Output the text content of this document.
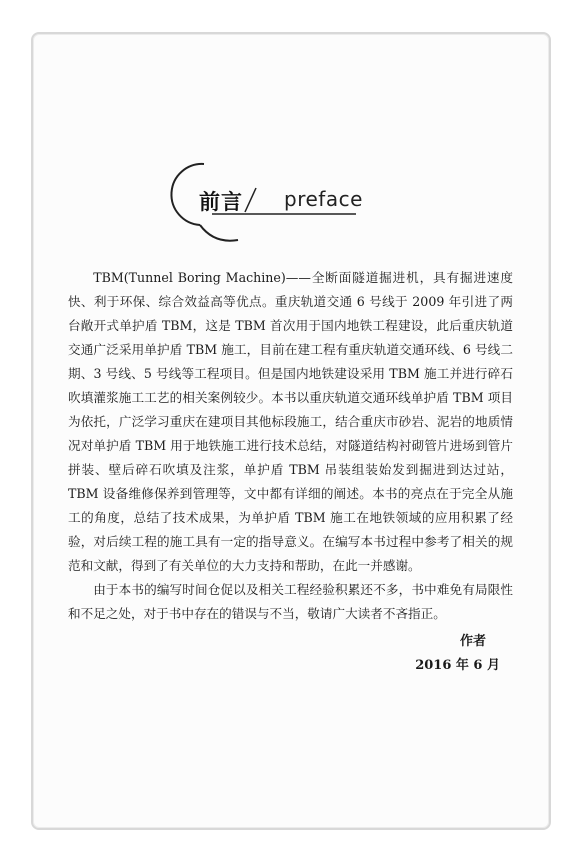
前言 preface

TBM(Tunnel Boring Machine)——全断面隧道掘进机，具有掘进速度快、利于环保、综合效益高等优点。重庆轨道交通 6 号线于 2009 年引进了两台敞开式单护盾 TBM，这是 TBM 首次用于国内地铁工程建设，此后重庆轨道交通广泛采用单护盾 TBM 施工，目前在建工程有重庆轨道交通环线、6 号线二期、3 号线、5 号线等工程项目。但是国内地铁建设采用 TBM 施工并进行碎石吹填灌浆施工工艺的相关案例较少。本书以重庆轨道交通环线单护盾 TBM 项目为依托，广泛学习重庆在建项目其他标段施工，结合重庆市砂岩、泥岩的地质情况对单护盾 TBM 用于地铁施工进行技术总结，对隧道结构衬砌管片进场到管片拼装、壁后碎石吹填及注浆，单护盾 TBM 吊装组装始发到掘进到达过站，TBM 设备维修保养到管理等，文中都有详细的阐述。本书的亮点在于完全从施工的角度，总结了技术成果，为单护盾 TBM 施工在地铁领域的应用积累了经验，对后续工程的施工具有一定的指导意义。在编写本书过程中参考了相关的规范和文献，得到了有关单位的大力支持和帮助，在此一并感谢。

由于本书的编写时间仓促以及相关工程经验积累还不多，书中难免有局限性和不足之处，对于书中存在的错误与不当，敬请广大读者不吝指正。

作者
2016 年 6 月
